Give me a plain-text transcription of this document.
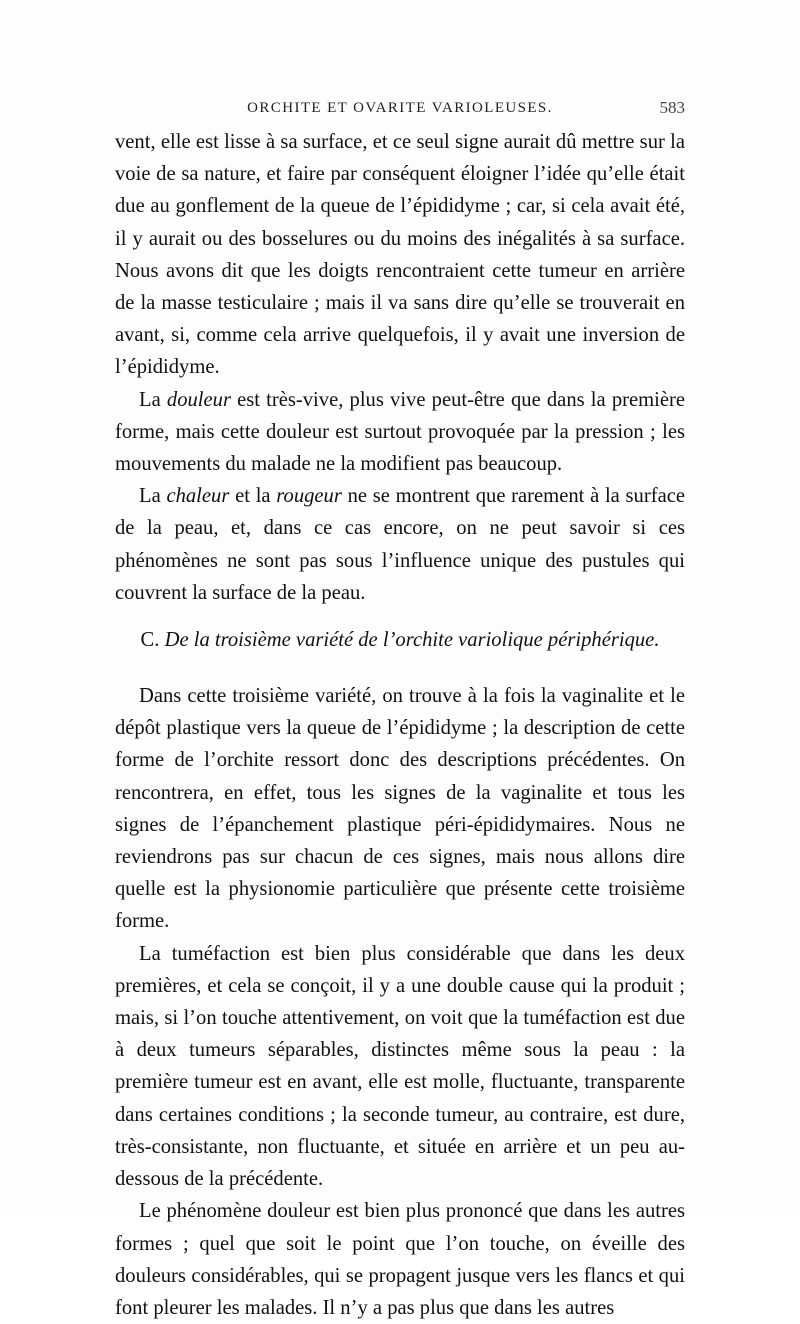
ORCHITE ET OVARITE VARIOLEUSES.	583

vent, elle est lisse à sa surface, et ce seul signe aurait dû mettre sur la voie de sa nature, et faire par conséquent éloigner l’idée qu’elle était due au gonflement de la queue de l’épididyme ; car, si cela avait été, il y aurait ou des bosselures ou du moins des inégalités à sa surface. Nous avons dit que les doigts rencontraient cette tumeur en arrière de la masse testiculaire ; mais il va sans dire qu’elle se trouverait en avant, si, comme cela arrive quelquefois, il y avait une inversion de l’épididyme.

La douleur est très-vive, plus vive peut-être que dans la première forme, mais cette douleur est surtout provoquée par la pression ; les mouvements du malade ne la modifient pas beaucoup.

La chaleur et la rougeur ne se montrent que rarement à la surface de la peau, et, dans ce cas encore, on ne peut savoir si ces phénomènes ne sont pas sous l’influence unique des pustules qui couvrent la surface de la peau.

C. De la troisième variété de l’orchite variolique périphérique.

Dans cette troisième variété, on trouve à la fois la vaginalite et le dépôt plastique vers la queue de l’épididyme ; la description de cette forme de l’orchite ressort donc des descriptions précédentes. On rencontrera, en effet, tous les signes de la vaginalite et tous les signes de l’épanchement plastique péri-épididymaires. Nous ne reviendrons pas sur chacun de ces signes, mais nous allons dire quelle est la physionomie particulière que présente cette troisième forme.

La tuméfaction est bien plus considérable que dans les deux premières, et cela se conçoit, il y a une double cause qui la produit ; mais, si l’on touche attentivement, on voit que la tuméfaction est due à deux tumeurs séparables, distinctes même sous la peau : la première tumeur est en avant, elle est molle, fluctuante, transparente dans certaines conditions ; la seconde tumeur, au contraire, est dure, très-consistante, non fluctuante, et située en arrière et un peu au-dessous de la précédente.

Le phénomène douleur est bien plus prononcé que dans les autres formes ; quel que soit le point que l’on touche, on éveille des douleurs considérables, qui se propagent jusque vers les flancs et qui font pleurer les malades. Il n’y a pas plus que dans les autres
